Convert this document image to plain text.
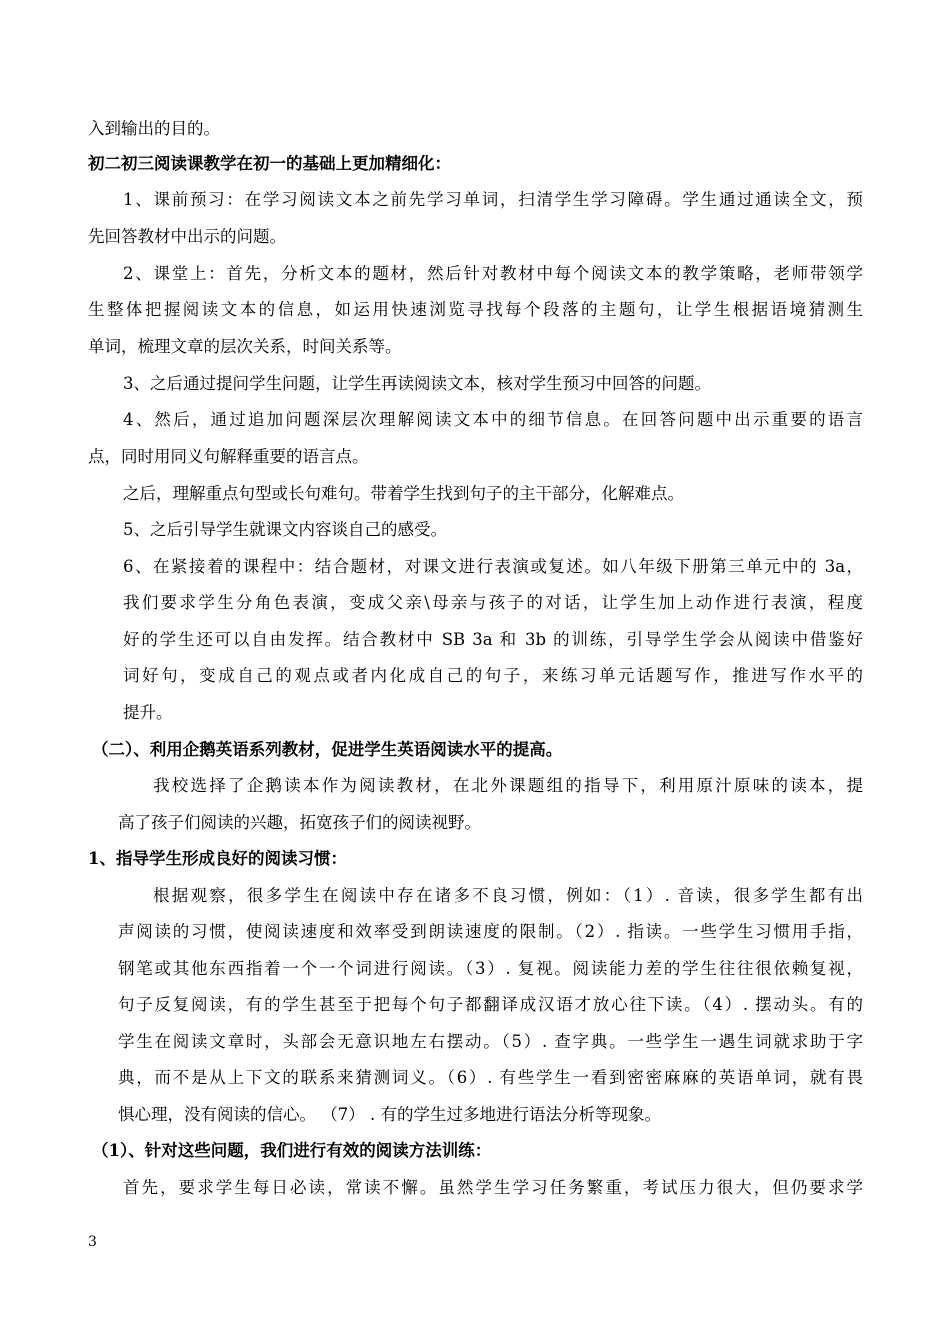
入到输出的目的。

初二初三阅读课教学在初一的基础上更加精细化：

1、课前预习：在学习阅读文本之前先学习单词，扫清学生学习障碍。学生通过通读全文，预

先回答教材中出示的问题。

2、课堂上：首先，分析文本的题材，然后针对教材中每个阅读文本的教学策略，老师带领学

生整体把握阅读文本的信息，如运用快速浏览寻找每个段落的主题句，让学生根据语境猜测生

单词，梳理文章的层次关系，时间关系等。

3、之后通过提问学生问题，让学生再读阅读文本，核对学生预习中回答的问题。

4、然后，通过追加问题深层次理解阅读文本中的细节信息。在回答问题中出示重要的语言

点，同时用同义句解释重要的语言点。

之后，理解重点句型或长句难句。带着学生找到句子的主干部分，化解难点。

5、之后引导学生就课文内容谈自己的感受。

6、在紧接着的课程中：结合题材，对课文进行表演或复述。如八年级下册第三单元中的 3a，

我们要求学生分角色表演，变成父亲\母亲与孩子的对话，让学生加上动作进行表演，程度

好的学生还可以自由发挥。结合教材中 SB 3a 和 3b 的训练，引导学生学会从阅读中借鉴好

词好句，变成自己的观点或者内化成自己的句子，来练习单元话题写作，推进写作水平的

提升。

（二）、利用企鹅英语系列教材，促进学生英语阅读水平的提高。

我校选择了企鹅读本作为阅读教材，在北外课题组的指导下，利用原汁原味的读本，提

高了孩子们阅读的兴趣，拓宽孩子们的阅读视野。

1、指导学生形成良好的阅读习惯：

根据观察，很多学生在阅读中存在诸多不良习惯，例如：（1）. 音读，很多学生都有出

声阅读的习惯，使阅读速度和效率受到朗读速度的限制。（2）. 指读。一些学生习惯用手指，

钢笔或其他东西指着一个一个词进行阅读。（3）. 复视。阅读能力差的学生往往很依赖复视，

句子反复阅读，有的学生甚至于把每个句子都翻译成汉语才放心往下读。（4）. 摆动头。有的

学生在阅读文章时，头部会无意识地左右摆动。（5）. 查字典。一些学生一遇生词就求助于字

典，而不是从上下文的联系来猜测词义。（6）. 有些学生一看到密密麻麻的英语单词，就有畏

惧心理，没有阅读的信心。 （7） . 有的学生过多地进行语法分析等现象。

（1）、针对这些问题，我们进行有效的阅读方法训练：

首先，要求学生每日必读，常读不懈。虽然学生学习任务繁重，考试压力很大，但仍要求学

3
